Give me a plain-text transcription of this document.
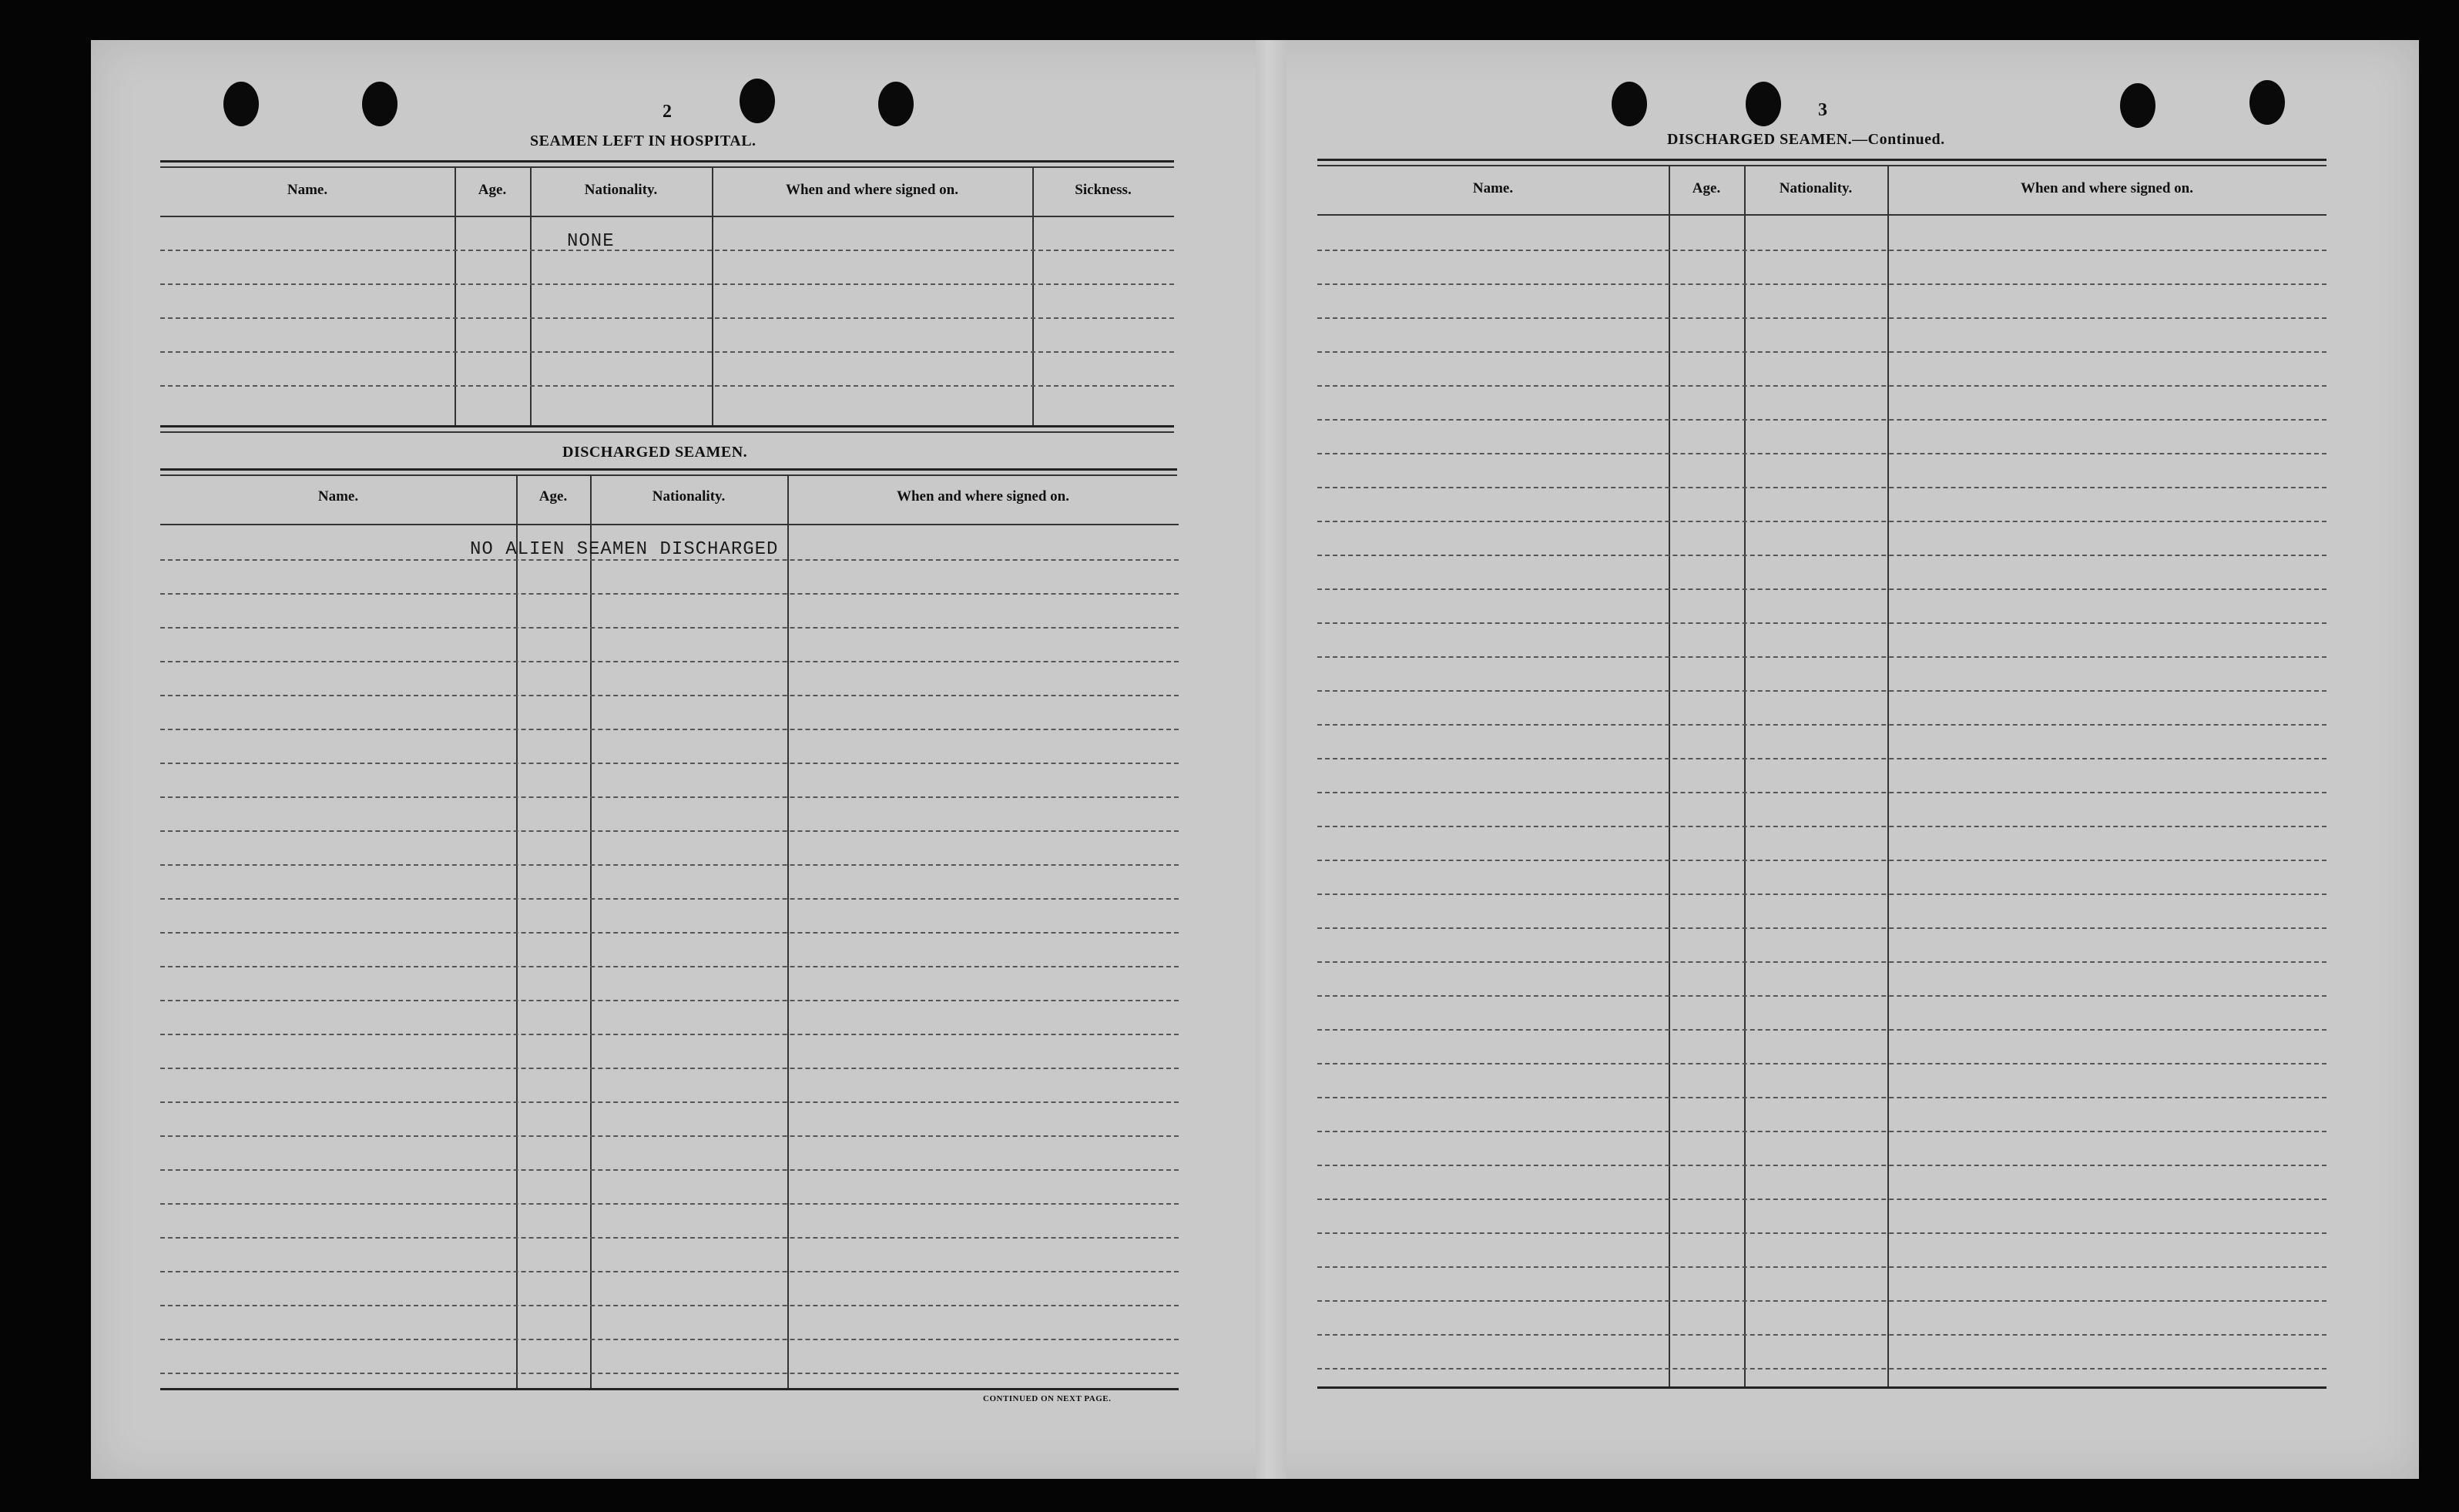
2
SEAMEN LEFT IN HOSPITAL.
Name.	Age.	Nationality.	When and where signed on.	Sickness.
NONE
DISCHARGED SEAMEN.
Name.	Age.	Nationality.	When and where signed on.
NO ALIEN SEAMEN DISCHARGED
CONTINUED ON NEXT PAGE.
3
DISCHARGED SEAMEN.—Continued.
Name.	Age.	Nationality.	When and where signed on.
